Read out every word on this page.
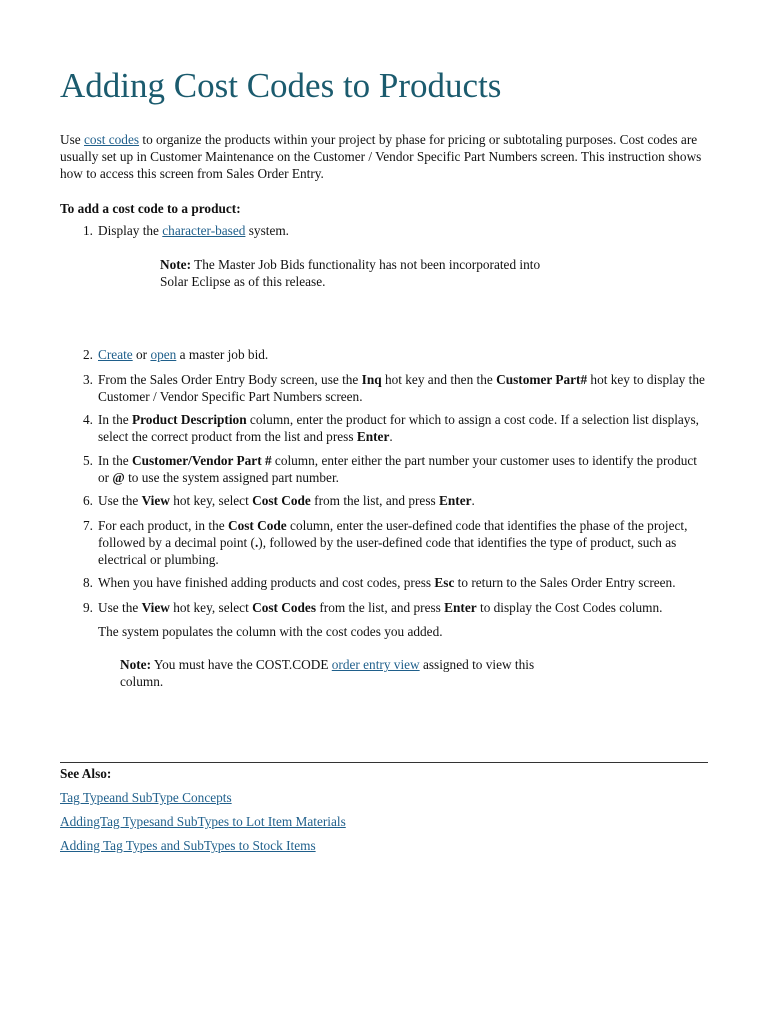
Adding Cost Codes to Products

Use cost codes to organize the products within your project by phase for pricing or subtotaling purposes. Cost codes are usually set up in Customer Maintenance on the Customer / Vendor Specific Part Numbers screen. This instruction shows how to access this screen from Sales Order Entry.

To add a cost code to a product:

1. Display the character-based system.
Note: The Master Job Bids functionality has not been incorporated into Solar Eclipse as of this release.
2. Create or open a master job bid.
3. From the Sales Order Entry Body screen, use the Inq hot key and then the Customer Part# hot key to display the Customer / Vendor Specific Part Numbers screen.
4. In the Product Description column, enter the product for which to assign a cost code. If a selection list displays, select the correct product from the list and press Enter.
5. In the Customer/Vendor Part # column, enter either the part number your customer uses to identify the product or @ to use the system assigned part number.
6. Use the View hot key, select Cost Code from the list, and press Enter.
7. For each product, in the Cost Code column, enter the user-defined code that identifies the phase of the project, followed by a decimal point (.), followed by the user-defined code that identifies the type of product, such as electrical or plumbing.
8. When you have finished adding products and cost codes, press Esc to return to the Sales Order Entry screen.
9. Use the View hot key, select Cost Codes from the list, and press Enter to display the Cost Codes column.

The system populates the column with the cost codes you added.

Note: You must have the COST.CODE order entry view assigned to view this column.

See Also:

Tag Typeand SubType Concepts

AddingTag Typesand SubTypes to Lot Item Materials

Adding Tag Types and SubTypes to Stock Items
